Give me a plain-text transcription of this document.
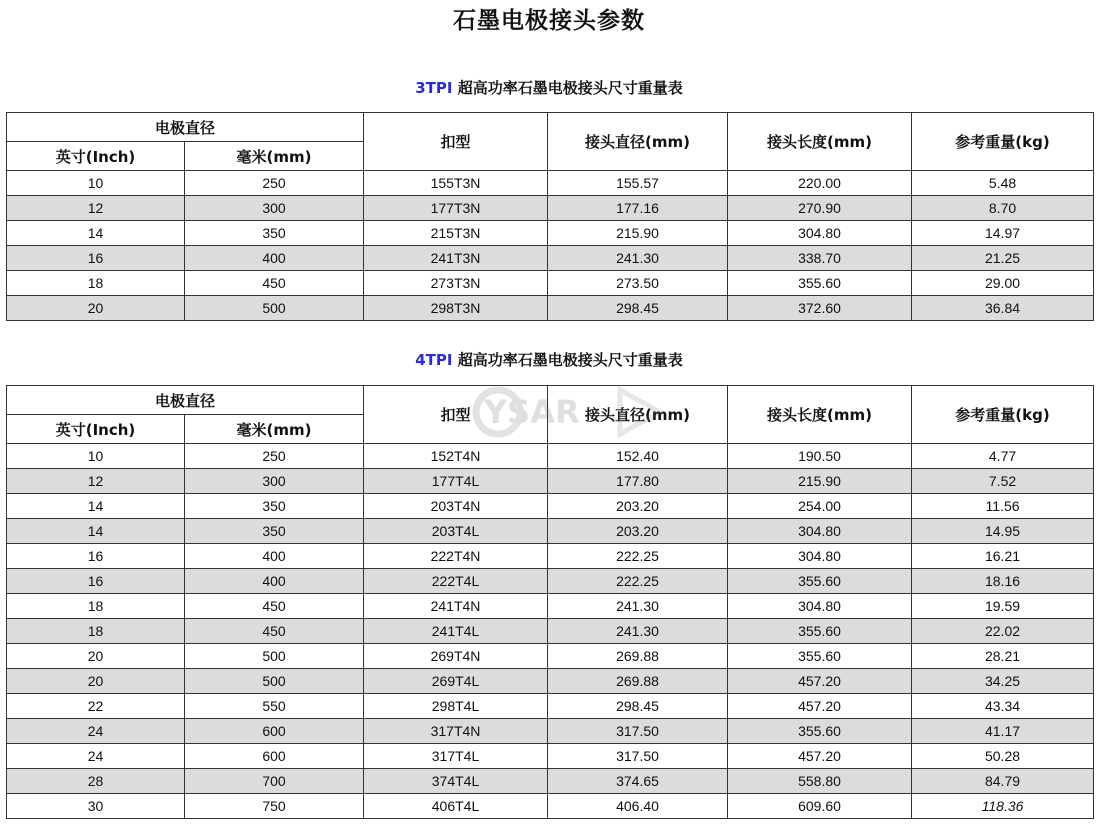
石墨电极接头参数
3TPI 超高功率石墨电极接头尺寸重量表
电极直径		扣型	接头直径(mm)	接头长度(mm)	参考重量(kg)
英寸(Inch)	毫米(mm)				
10	250	155T3N	155.57	220.00	5.48
12	300	177T3N	177.16	270.90	8.70
14	350	215T3N	215.90	304.80	14.97
16	400	241T3N	241.30	338.70	21.25
18	450	273T3N	273.50	355.60	29.00
20	500	298T3N	298.45	372.60	36.84
4TPI 超高功率石墨电极接头尺寸重量表
电极直径		扣型	接头直径(mm)	接头长度(mm)	参考重量(kg)
英寸(Inch)	毫米(mm)				
10	250	152T4N	152.40	190.50	4.77
12	300	177T4L	177.80	215.90	7.52
14	350	203T4N	203.20	254.00	11.56
14	350	203T4L	203.20	304.80	14.95
16	400	222T4N	222.25	304.80	16.21
16	400	222T4L	222.25	355.60	18.16
18	450	241T4N	241.30	304.80	19.59
18	450	241T4L	241.30	355.60	22.02
20	500	269T4N	269.88	355.60	28.21
20	500	269T4L	269.88	457.20	34.25
22	550	298T4L	298.45	457.20	43.34
24	600	317T4N	317.50	355.60	41.17
24	600	317T4L	317.50	457.20	50.28
28	700	374T4L	374.65	558.80	84.79
30	750	406T4L	406.40	609.60	118.36
